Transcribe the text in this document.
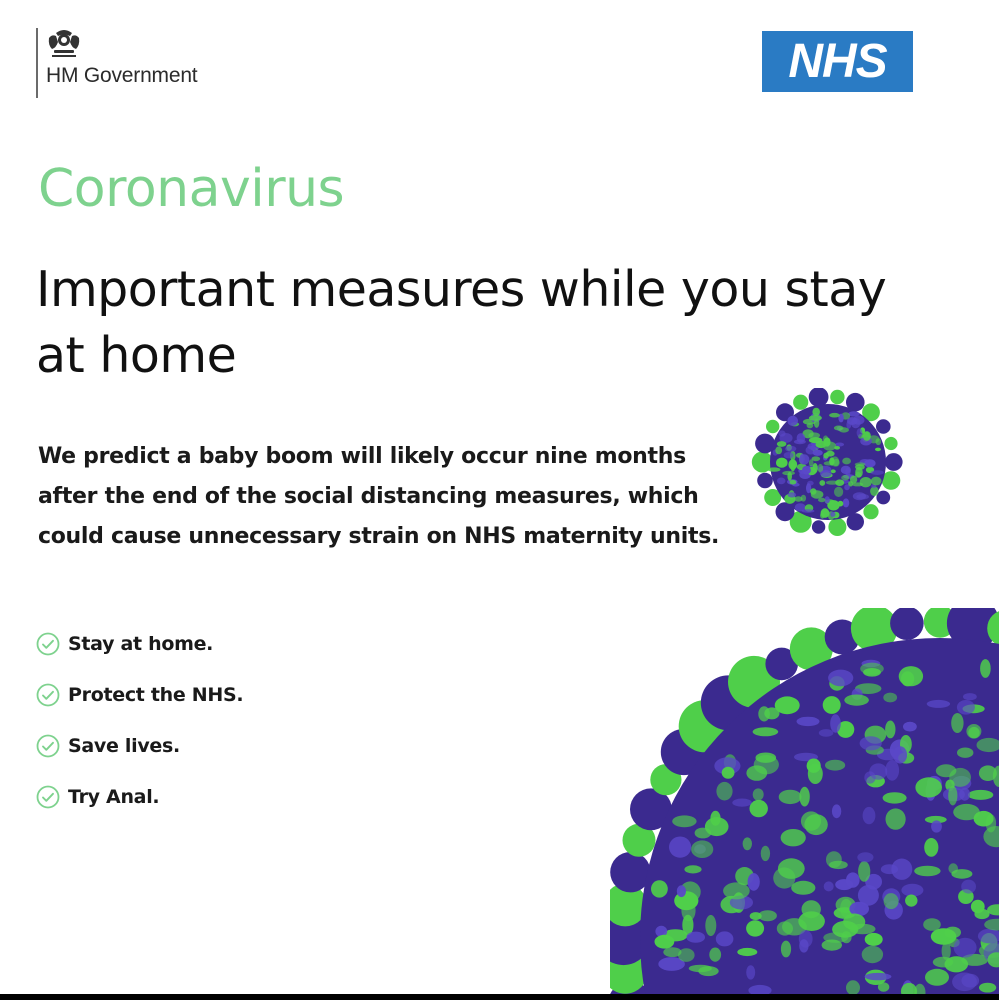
HM Government	NHS
Coronavirus
Important measures while you stay at home
We predict a baby boom will likely occur nine months after the end of the social distancing measures, which could cause unnecessary strain on NHS maternity units.
Stay at home.
Protect the NHS.
Save lives.
Try Anal.
